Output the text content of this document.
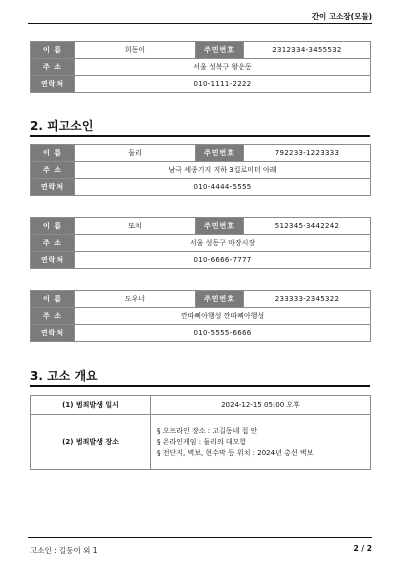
간이 고소장(모듈)
이 름	희동이	주민번호	2312334-3455532
주 소	서울 성북구 왕운동		
연락처	010-1111-2222		
2. 피고소인
이 름	둘리	주민번호	792233-1223333
주 소	남극 세종기지 지하 3킬로미터 아래		
연락처	010-4444-5555		
이 름	또치	주민번호	512345-3442242
주 소	서울 성동구 마장시장		
연락처	010-6666-7777		
이 름	도우너	주민번호	233333-2345322
주 소	깐따삐아행성 깐따삐아행성		
연락처	010-5555-6666		
3. 고소 개요
(1) 범죄발생 일시	2024-12-15 05:00 오후
(2) 범죄발생 장소	§ 오프라인 장소 : 고길동네 집 안
§ 온라인게임 : 둘리의 대모험
§ 전단지, 벽보, 현수막 등 위치 : 2024년 총선 벽보
고소인 : 길동이 외 1	2 / 2
